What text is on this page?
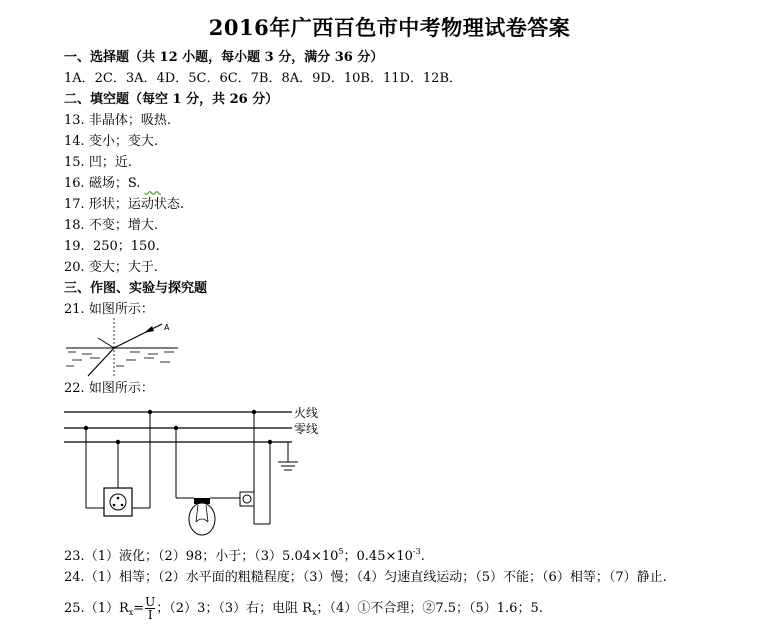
2016年广西百色市中考物理试卷答案
一、选择题（共 12 小题，每小题 3 分，满分 36 分）
1A．2C．3A．4D．5C．6C．7B．8A．9D．10B．11D．12B．
二、填空题（每空 1 分，共 26 分）
13. 非晶体；吸热.
14. 变小；变大.
15. 凹；近.
16. 磁场；S.
17. 形状；运动状态.
18. 不变；增大.
19. 250；150.
20. 变大；大于.
三、作图、实验与探究题
21. 如图所示：
A
22. 如图所示：
火线
零线
23.（1）液化；（2）98；小于；$(3)5.04\times 10^5$；$0.45\times 10^{-3}$.
24.（1）相等；（2）水平面的粗糙程度；（3）慢；（4）匀速直线运动；（5）不能；（6）相等；（7）静止.
$25.(1)R_x= \frac{U}{I}$ ；（2）3；（3）右；电阻 $R_x$；（4）①不合理；②7.5；（5）1.6；5.
